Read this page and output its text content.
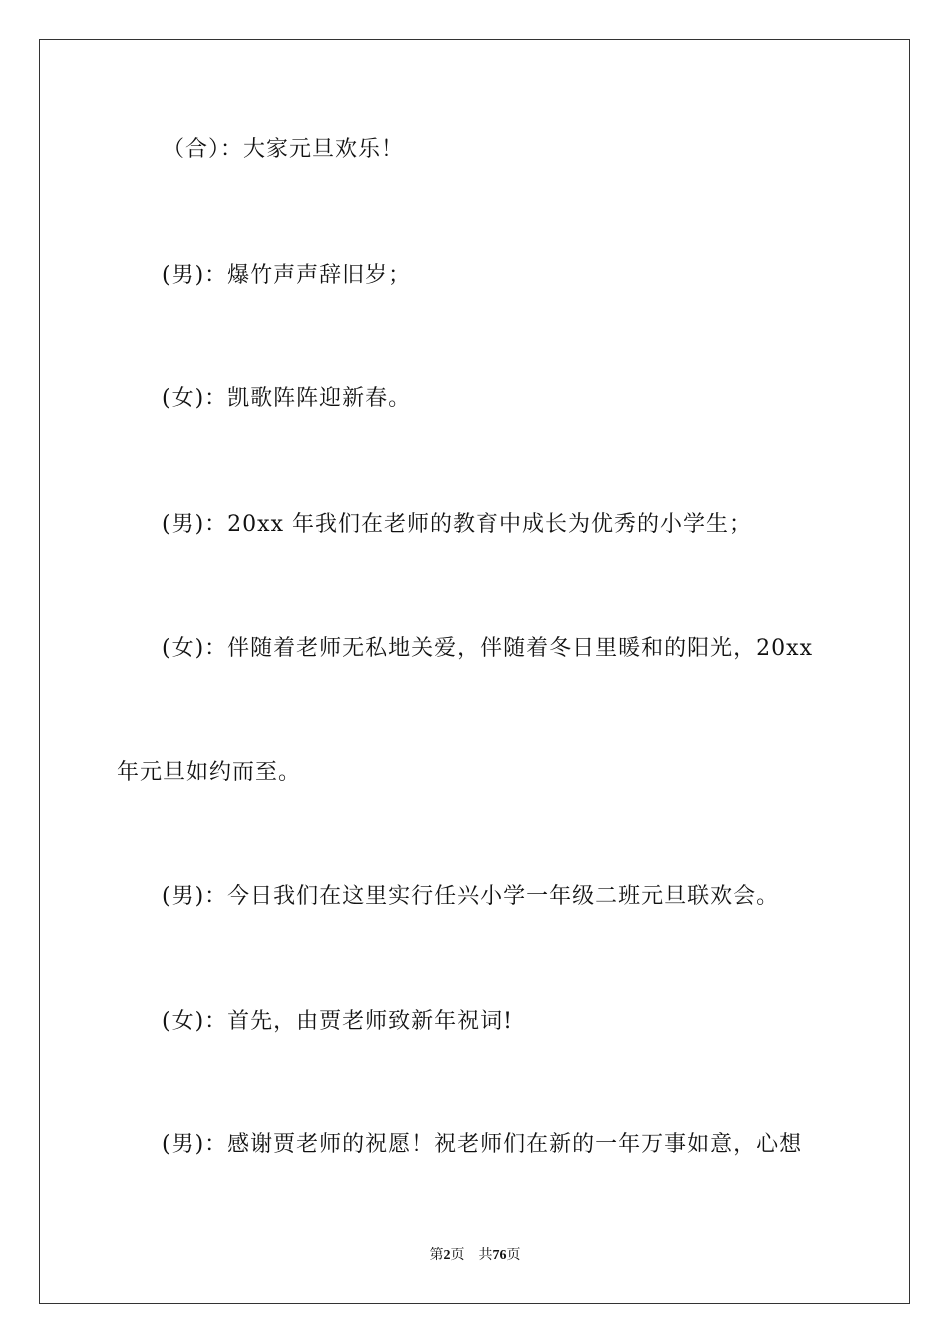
（合）：大家元旦欢乐！
(男)：爆竹声声辞旧岁；
(女)：凯歌阵阵迎新春。
(男)：20xx 年我们在老师的教育中成长为优秀的小学生；
(女)：伴随着老师无私地关爱，伴随着冬日里暖和的阳光，20xx
年元旦如约而至。
(男)：今日我们在这里实行任兴小学一年级二班元旦联欢会。
(女)：首先，由贾老师致新年祝词!
(男)：感谢贾老师的祝愿！祝老师们在新的一年万事如意，心想
第2页 共76页
